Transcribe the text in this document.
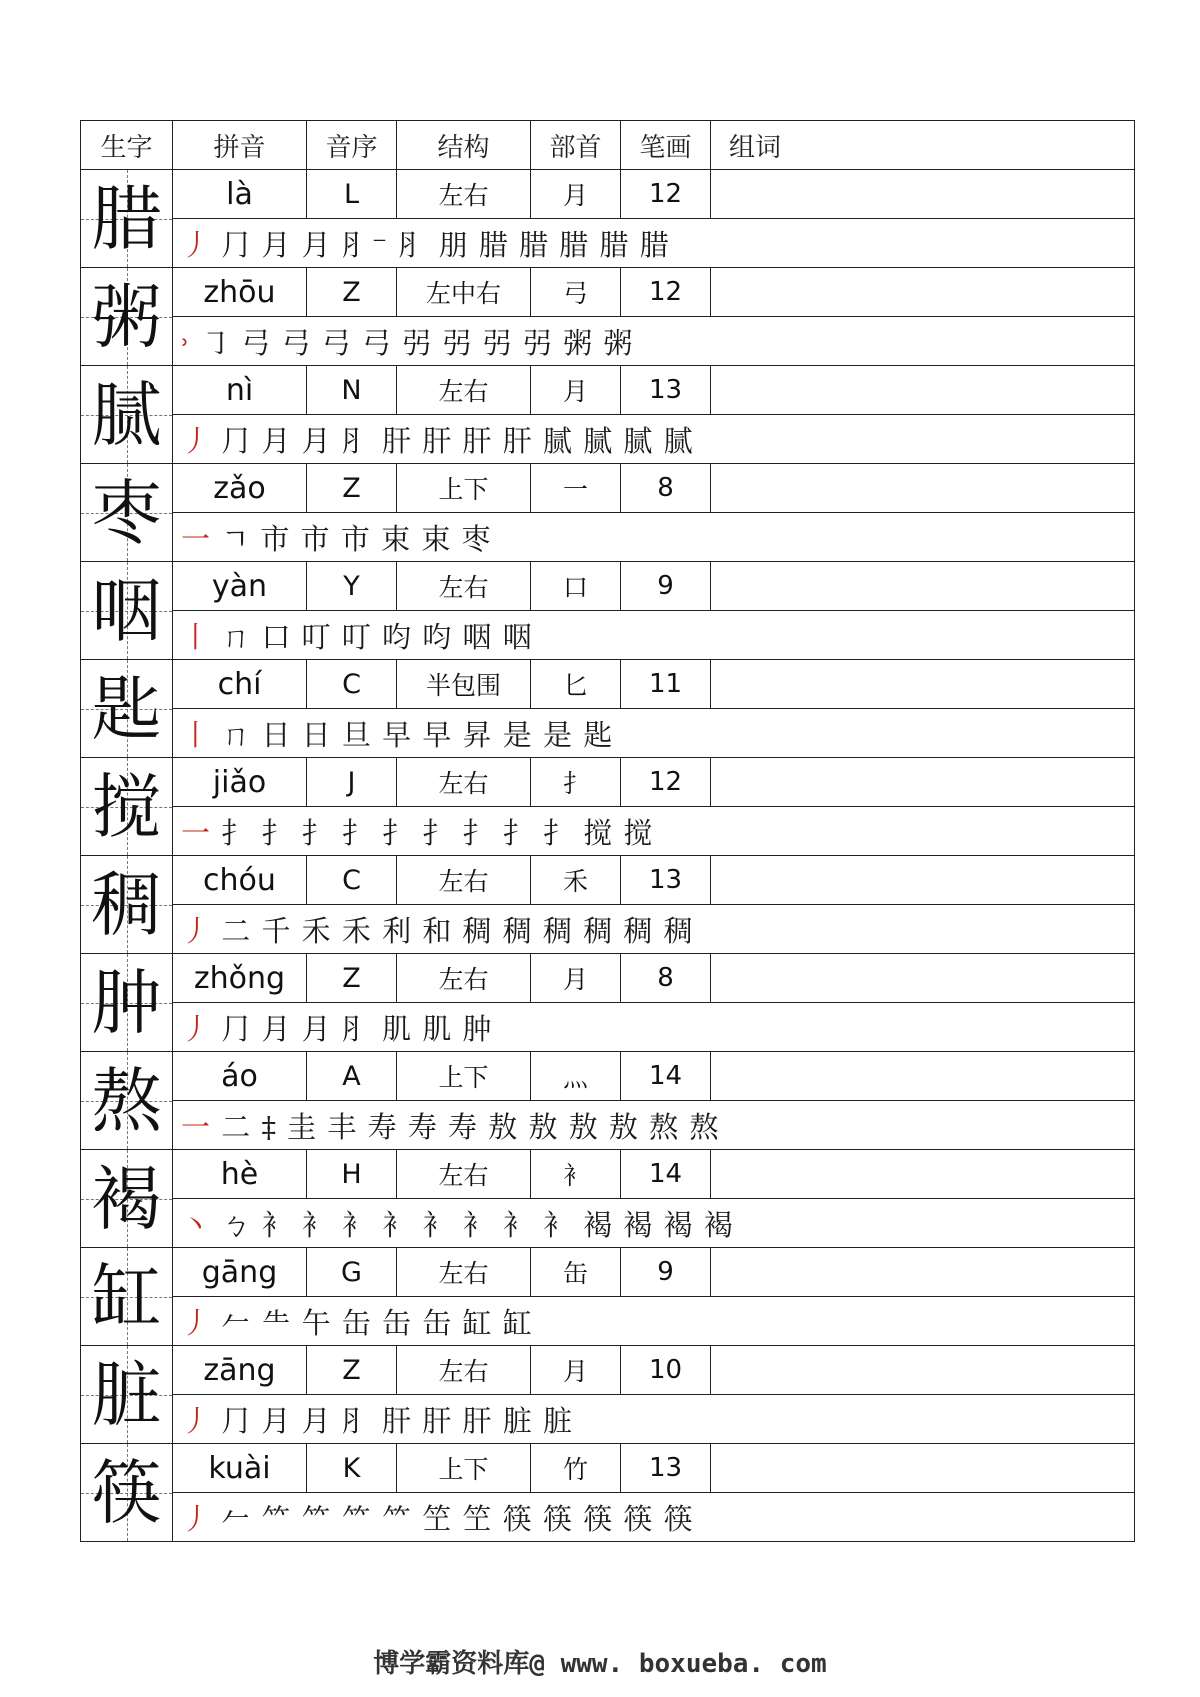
生字	拼音	音序	结构	部首	笔画	组词
腊	là	L	左右	月	12	
	丿 ⺆ 月 月 ⺼⁻ ⺼ 朋 腊 腊 腊 腊 腊					
粥	zhōu	Z	左中右	弓	12	
	˒ ㇆ 弓 弓 弓 弓 弜 弜 弜 弜 粥 粥					
腻	nì	N	左右	月	13	
	丿 ⺆ 月 月 ⺼ 肝 肝 肝 肝 腻 腻 腻 腻					
枣	zǎo	Z	上下	一	8	
	一 ㄱ 市 市 市 束 束 枣					
咽	yàn	Y	左右	口	9	
	丨 ㄇ 口 叮 叮 呁 呁 咽 咽					
匙	chí	C	半包围	匕	11	
	丨 ㄇ 日 日 旦 早 早 昇 是 是 匙					
搅	jiǎo	J	左右	扌	12	
	一 扌 扌 扌 扌 扌 扌 扌 扌 扌 搅 搅					
稠	chóu	C	左右	禾	13	
	丿 二 千 禾 禾 利 和 稠 稠 稠 稠 稠 稠					
肿	zhǒng	Z	左右	月	8	
	丿 ⺆ 月 月 ⺼ 肌 肌 肿					
熬	áo	A	上下	灬	14	
	一 二 ‡ 圭 丰 寿 寿 寿 敖 敖 敖 敖 熬 熬					
褐	hè	H	左右	衤	14	
	丶 ㄅ 衤 衤 衤 衤 衤 衤 衤 衤 褐 褐 褐 褐					
缸	gāng	G	左右	缶	9	
	丿 𠂉 ⺧ 午 缶 缶 缶 缸 缸					
脏	zāng	Z	左右	月	10	
	丿 ⺆ 月 月 ⺼ 肝 肝 肝 脏 脏					
筷	kuài	K	上下	竹	13	
	丿 𠂉 ⺮ ⺮ ⺮ ⺮ 笁 笁 筷 筷 筷 筷 筷					
博学霸资料库@ www. boxueba. com
